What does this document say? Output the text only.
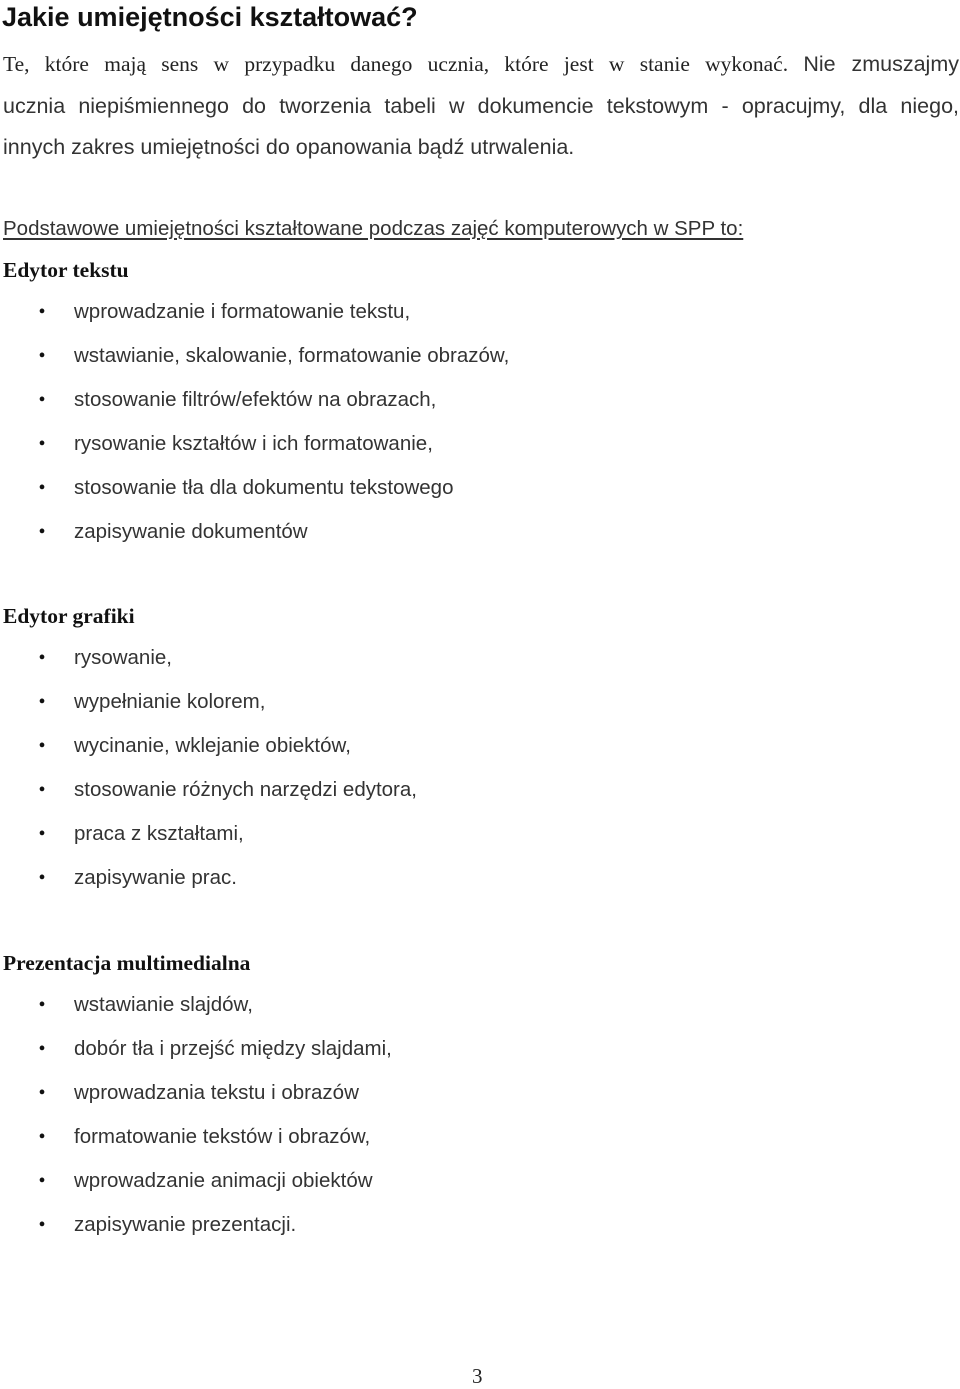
Jakie umiejętności kształtować?

Te, które mają sens w przypadku danego ucznia, które jest w stanie wykonać. Nie zmuszajmy
ucznia niepiśmiennego do tworzenia tabeli w dokumencie tekstowym - opracujmy, dla niego,
innych zakres umiejętności do opanowania bądź utrwalenia.

Podstawowe umiejętności kształtowane podczas zajęć komputerowych w SPP to:

Edytor tekstu
• wprowadzanie i formatowanie tekstu,
• wstawianie, skalowanie, formatowanie obrazów,
• stosowanie filtrów/efektów na obrazach,
• rysowanie kształtów i ich formatowanie,
• stosowanie tła dla dokumentu tekstowego
• zapisywanie dokumentów
Edytor grafiki
• rysowanie,
• wypełnianie kolorem,
• wycinanie, wklejanie obiektów,
• stosowanie różnych narzędzi edytora,
• praca z kształtami,
• zapisywanie prac.
Prezentacja multimedialna
• wstawianie slajdów,
• dobór tła i przejść między slajdami,
• wprowadzania tekstu i obrazów
• formatowanie tekstów i obrazów,
• wprowadzanie animacji obiektów
• zapisywanie prezentacji.
3
